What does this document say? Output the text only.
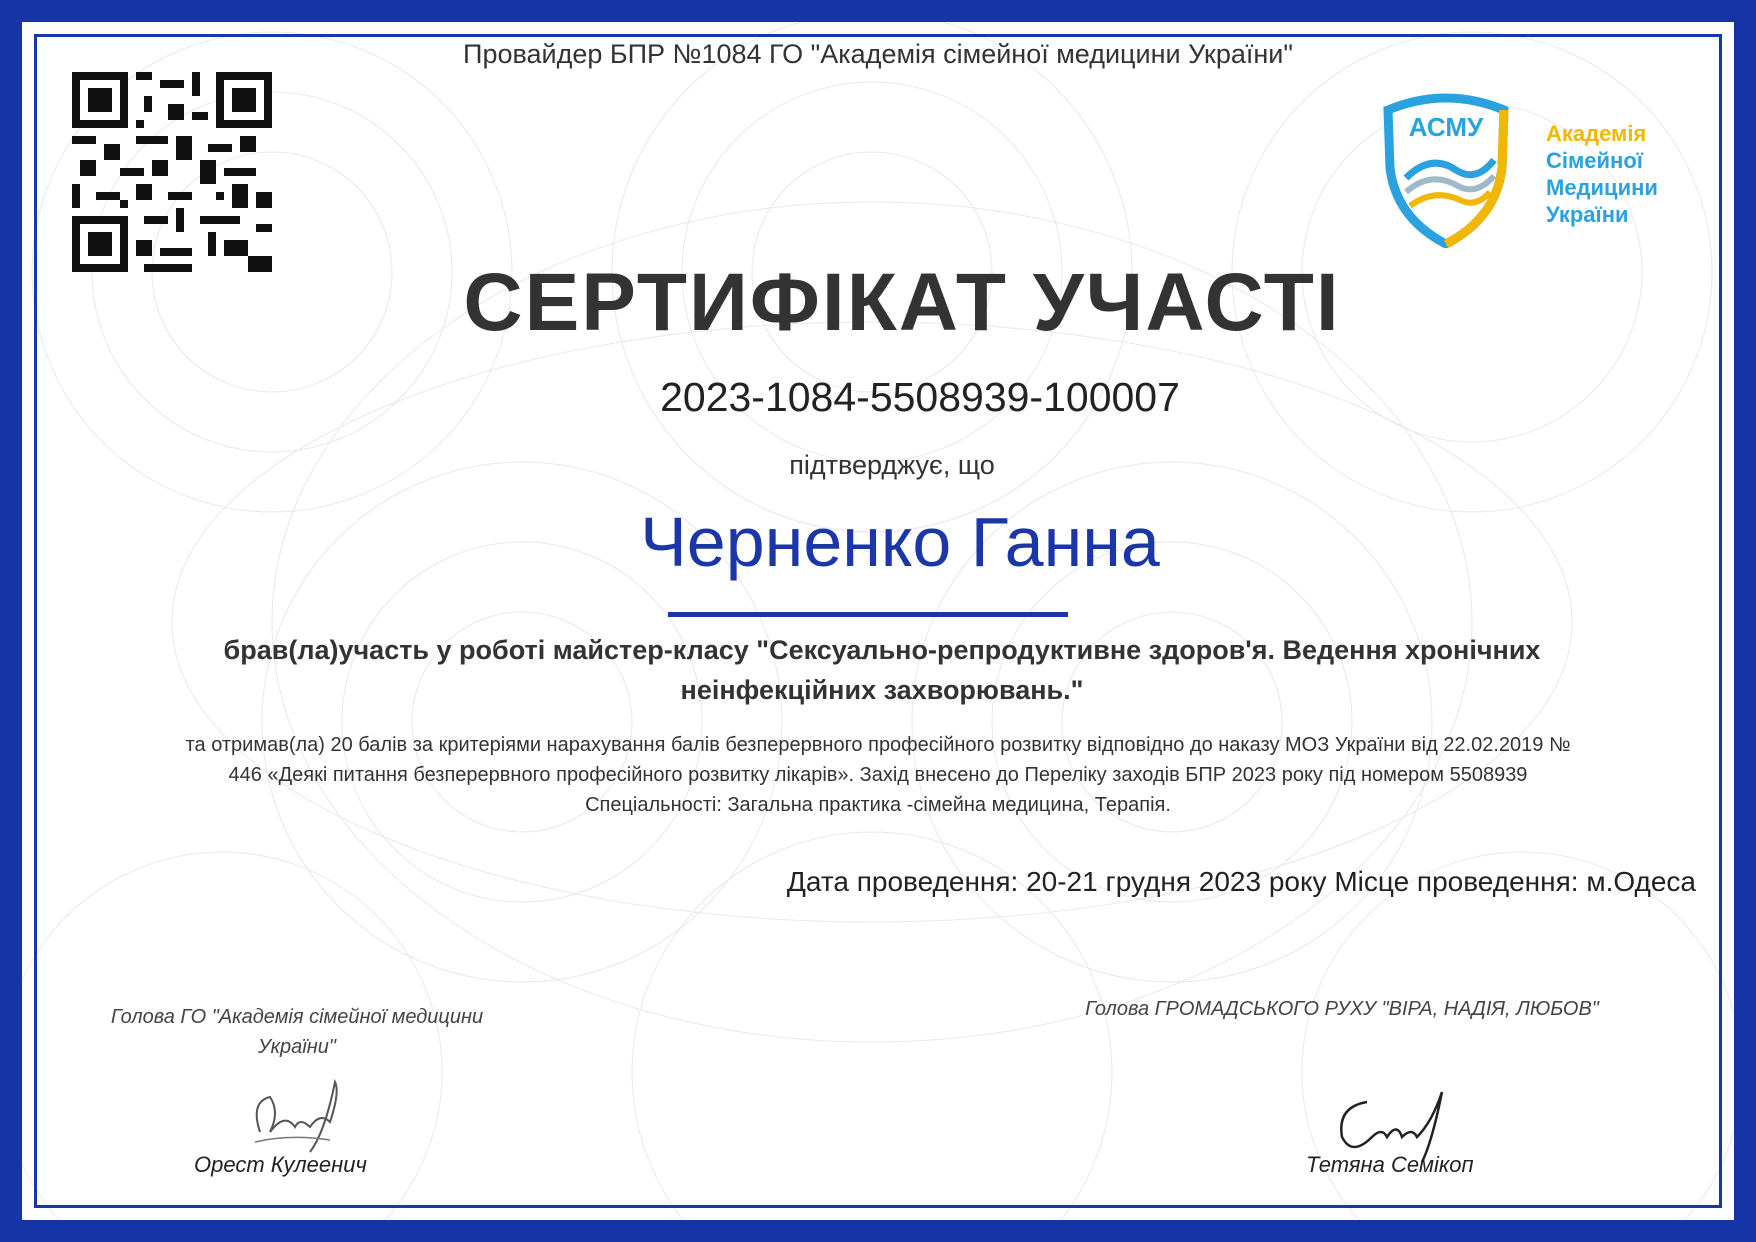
Провайдер БПР №1084 ГО "Академія сімейної медицини України"
АСМУ	Академія
Сімейної
Медицини
України
СЕРТИФІКАТ УЧАСТІ
2023-1084-5508939-100007
підтверджує, що
Черненко Ганна
брав(ла)участь у роботі майстер-класу "Сексуально-репродуктивне здоров'я. Ведення хронічних
неінфекційних захворювань."
та отримав(ла) 20 балів за критеріями нарахування балів безперервного професійного розвитку відповідно до наказу МОЗ України від 22.02.2019 №
446 «Деякі питання безперервного професійного розвитку лікарів». Захід внесено до Переліку заходів БПР 2023 року під номером 5508939
Спеціальності: Загальна практика -сімейна медицина, Терапія.
Дата проведення: 20-21 грудня 2023 року Місце проведення: м.Одеса
Голова ГО "Академія сімейної медицини
України"
Орест Кулеенич
Голова ГРОМАДСЬКОГО РУХУ "ВІРА, НАДІЯ, ЛЮБОВ"
Тетяна Семікоп
